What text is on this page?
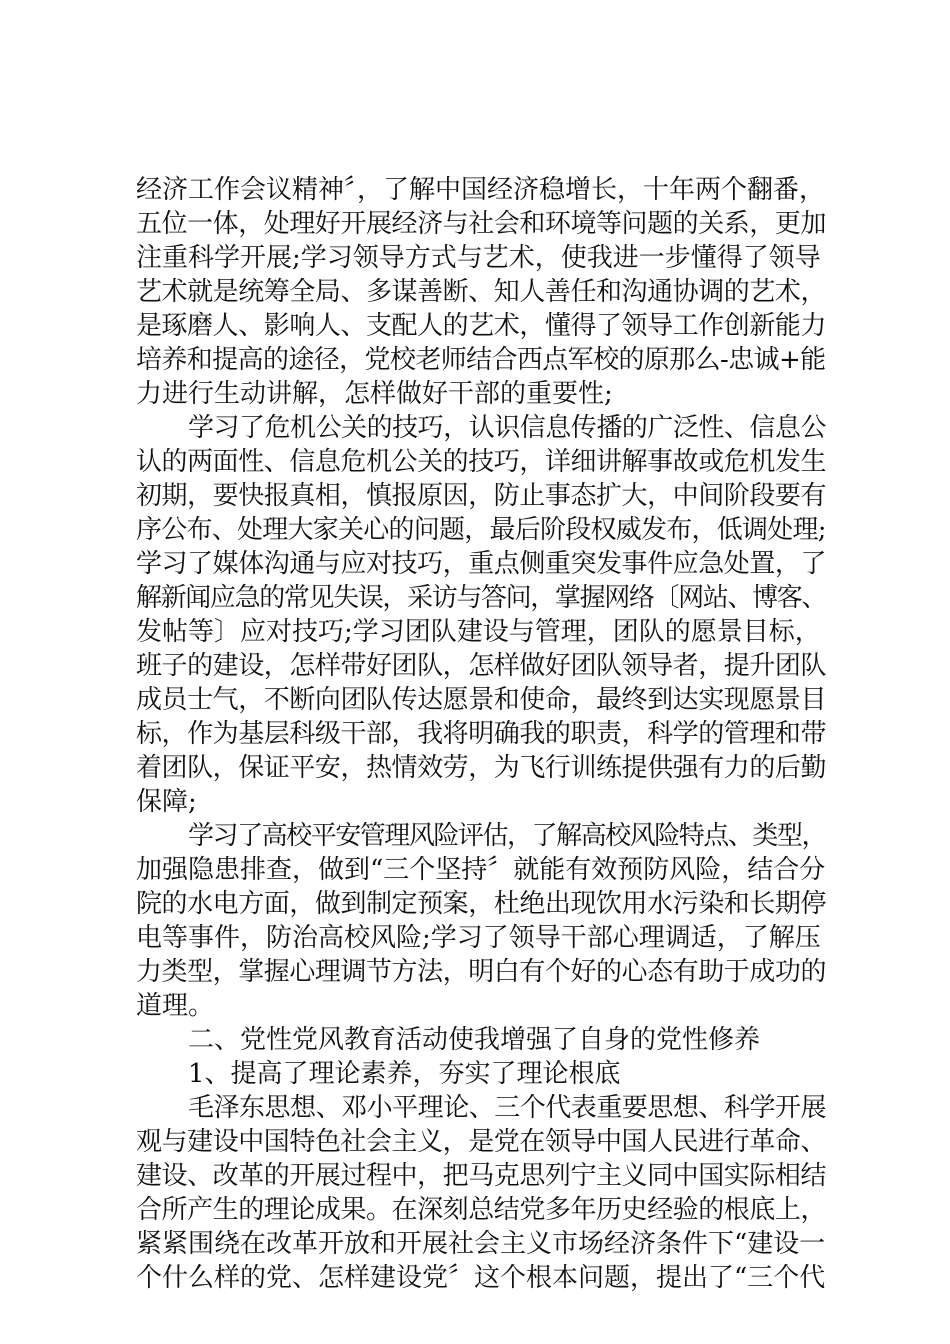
经济工作会议精神〞，了解中国经济稳增长，十年两个翻番，
五位一体，处理好开展经济与社会和环境等问题的关系，更加
注重科学开展;学习领导方式与艺术，使我进一步懂得了领导
艺术就是统筹全局、多谋善断、知人善任和沟通协调的艺术，
是琢磨人、影响人、支配人的艺术，懂得了领导工作创新能力
培养和提高的途径，党校老师结合西点军校的原那么-忠诚+能
力进行生动讲解，怎样做好干部的重要性;
学习了危机公关的技巧，认识信息传播的广泛性、信息公
认的两面性、信息危机公关的技巧，详细讲解事故或危机发生
初期，要快报真相，慎报原因，防止事态扩大，中间阶段要有
序公布、处理大家关心的问题，最后阶段权威发布，低调处理;
学习了媒体沟通与应对技巧，重点侧重突发事件应急处置，了
解新闻应急的常见失误，采访与答问，掌握网络〔网站、博客、
发帖等〕应对技巧;学习团队建设与管理，团队的愿景目标，
班子的建设，怎样带好团队，怎样做好团队领导者，提升团队
成员士气，不断向团队传达愿景和使命，最终到达实现愿景目
标，作为基层科级干部，我将明确我的职责，科学的管理和带
着团队，保证平安，热情效劳，为飞行训练提供强有力的后勤
保障;
学习了高校平安管理风险评估，了解高校风险特点、类型，
加强隐患排查，做到“三个坚持〞就能有效预防风险，结合分
院的水电方面，做到制定预案，杜绝出现饮用水污染和长期停
电等事件，防治高校风险;学习了领导干部心理调适，了解压
力类型，掌握心理调节方法，明白有个好的心态有助于成功的
道理。
二、党性党风教育活动使我增强了自身的党性修养
1、提高了理论素养，夯实了理论根底
毛泽东思想、邓小平理论、三个代表重要思想、科学开展
观与建设中国特色社会主义，是党在领导中国人民进行革命、
建设、改革的开展过程中，把马克思列宁主义同中国实际相结
合所产生的理论成果。在深刻总结党多年历史经验的根底上，
紧紧围绕在改革开放和开展社会主义市场经济条件下“建设一
个什么样的党、怎样建设党〞这个根本问题，提出了“三个代
